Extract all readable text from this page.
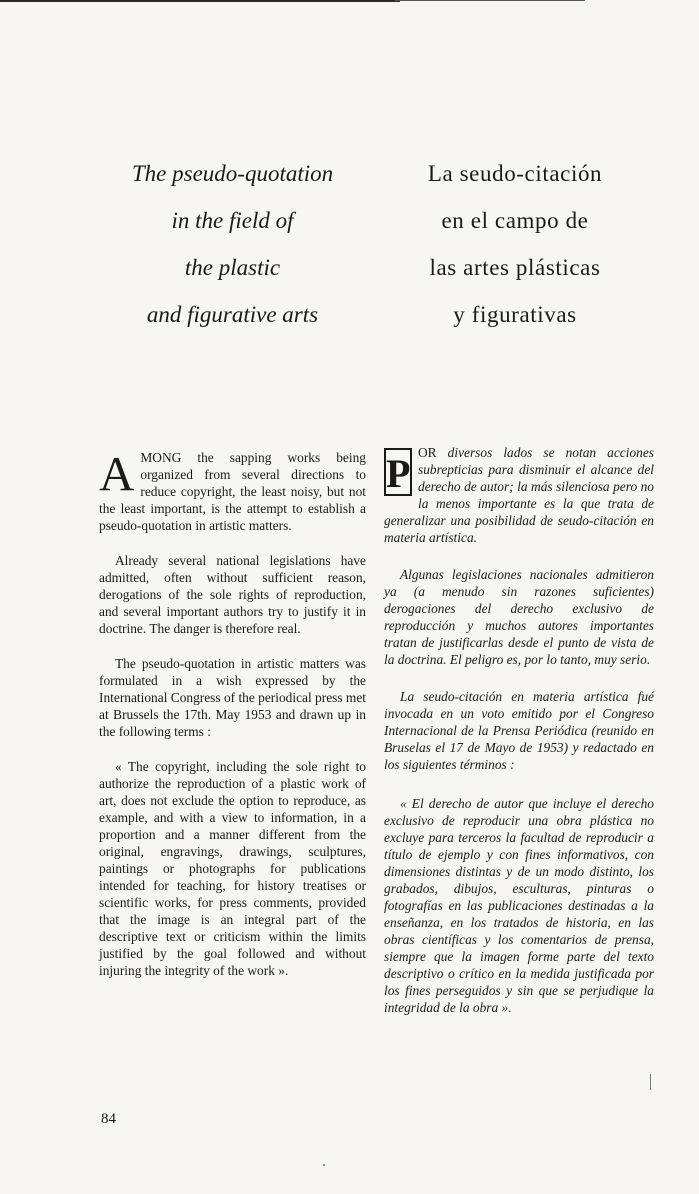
The pseudo-quotation
in the field of
the plastic
and figurative arts
La seudo-citación
en el campo de
las artes plásticas
y figurativas

AMONG the sapping works being organized from several directions to reduce copyright, the least noisy, but not the least important, is the attempt to establish a pseudo-quotation in artistic matters.

Already several national legislations have admitted, often without sufficient reason, derogations of the sole rights of reproduction, and several important authors try to justify it in doctrine. The danger is therefore real.

The pseudo-quotation in artistic matters was formulated in a wish expressed by the International Congress of the periodical press met at Brussels the 17th. May 1953 and drawn up in the following terms :

« The copyright, including the sole right to authorize the reproduction of a plastic work of art, does not exclude the option to reproduce, as example, and with a view to information, in a proportion and a manner different from the original, engravings, drawings, sculptures, paintings or photographs for publications intended for teaching, for history treatises or scientific works, for press comments, provided that the image is an integral part of the descriptive text or criticism within the limits justified by the goal followed and without injuring the integrity of the work ».

P OR diversos lados se notan acciones subrepticias para disminuir el alcance del derecho de autor; la más silenciosa pero no la menos importante es la que trata de generalizar una posibilidad de seudo-citación en materia artística.

Algunas legislaciones nacionales admitieron ya (a menudo sin razones suficientes) derogaciones del derecho exclusivo de reproducción y muchos autores importantes tratan de justificarlas desde el punto de vista de la doctrina. El peligro es, por lo tanto, muy serio.

La seudo-citación en materia artística fué invocada en un voto emitido por el Congreso Internacional de la Prensa Periódica (reunido en Bruselas el 17 de Mayo de 1953) y redactado en los siguientes términos :

« El derecho de autor que incluye el derecho exclusivo de reproducir una obra plástica no excluye para terceros la facultad de reproducir a título de ejemplo y con fines informativos, con dimensiones distintas y de un modo distinto, los grabados, dibujos, esculturas, pinturas o fotografías en las publicaciones destinadas a la enseñanza, en los tratados de historia, en las obras científicas y los comentarios de prensa, siempre que la imagen forme parte del texto descriptivo o crítico en la medida justificada por los fines perseguidos y sin que se perjudique la integridad de la obra ».

84
